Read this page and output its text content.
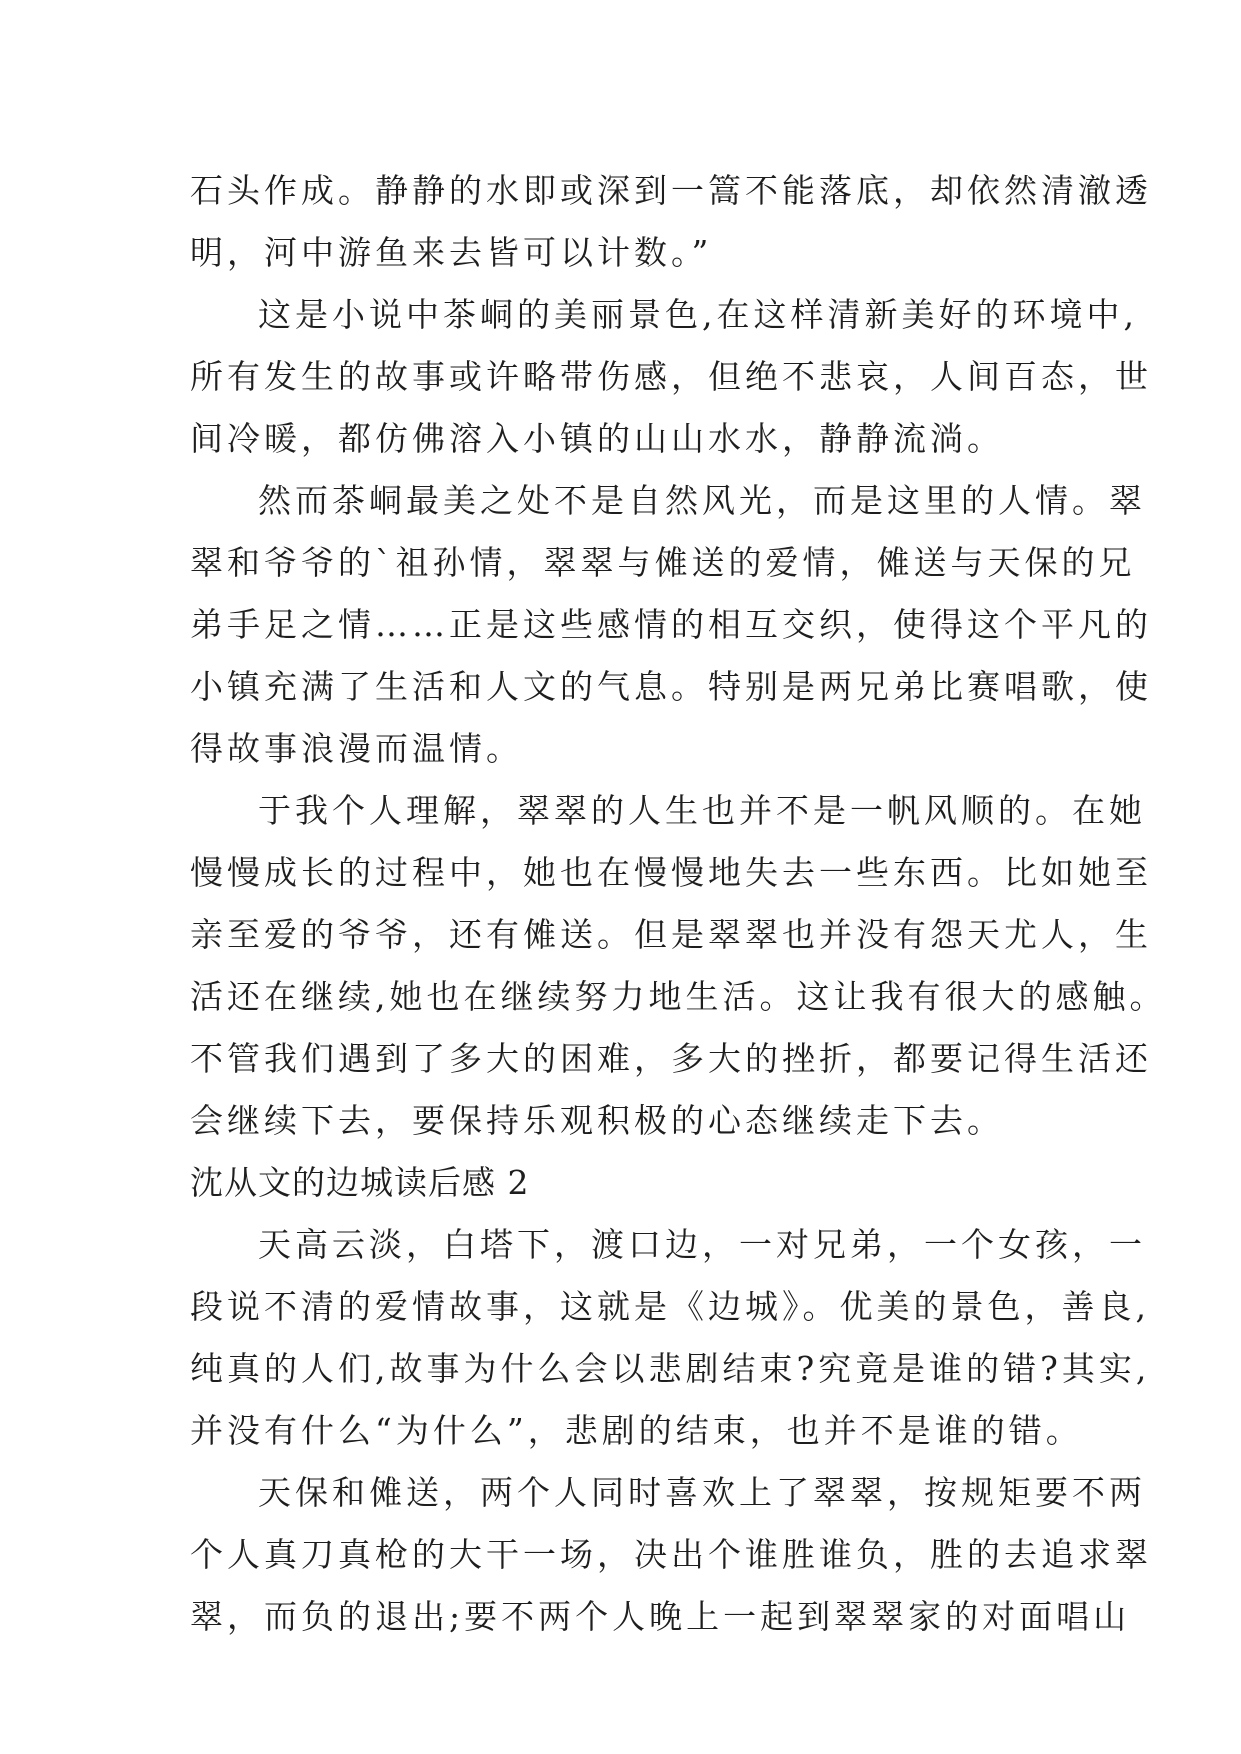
石头作成。静静的水即或深到一篙不能落底，却依然清澈透
明，河中游鱼来去皆可以计数。”
这是小说中茶峒的美丽景色,在这样清新美好的环境中,
所有发生的故事或许略带伤感，但绝不悲哀，人间百态，世
间冷暖，都仿佛溶入小镇的山山水水，静静流淌。
然而茶峒最美之处不是自然风光，而是这里的人情。翠
翠和爷爷的`祖孙情，翠翠与傩送的爱情，傩送与天保的兄
弟手足之情……正是这些感情的相互交织，使得这个平凡的
小镇充满了生活和人文的气息。特别是两兄弟比赛唱歌，使
得故事浪漫而温情。
于我个人理解，翠翠的人生也并不是一帆风顺的。在她
慢慢成长的过程中，她也在慢慢地失去一些东西。比如她至
亲至爱的爷爷，还有傩送。但是翠翠也并没有怨天尤人，生
活还在继续,她也在继续努力地生活。这让我有很大的感触。
不管我们遇到了多大的困难，多大的挫折，都要记得生活还
会继续下去，要保持乐观积极的心态继续走下去。
沈从文的边城读后感 2
天高云淡，白塔下，渡口边，一对兄弟，一个女孩，一
段说不清的爱情故事，这就是《边城》。优美的景色，善良,
纯真的人们,故事为什么会以悲剧结束?究竟是谁的错?其实,
并没有什么“为什么”，悲剧的结束，也并不是谁的错。
天保和傩送，两个人同时喜欢上了翠翠，按规矩要不两
个人真刀真枪的大干一场，决出个谁胜谁负，胜的去追求翠
翠，而负的退出;要不两个人晚上一起到翠翠家的对面唱山
